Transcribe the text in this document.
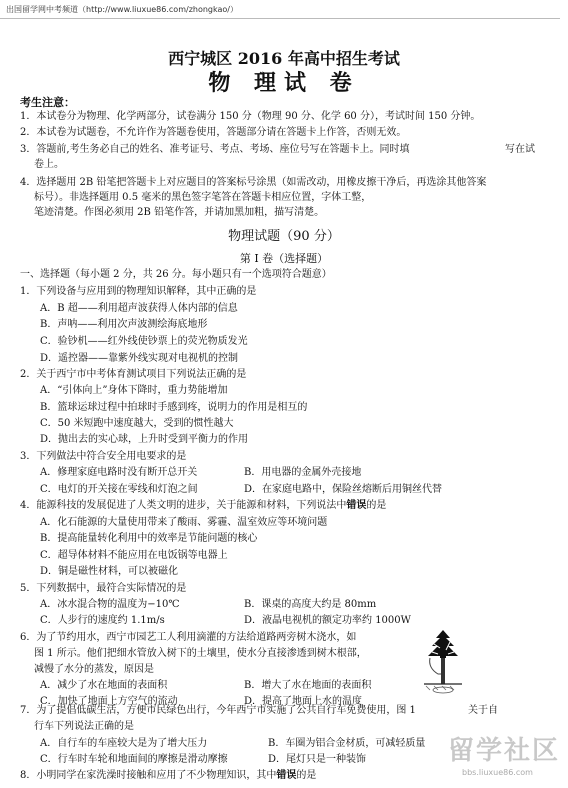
出国留学网中考频道（http://www.liuxue86.com/zhongkao/）
西宁城区 2016 年高中招生考试
物 理试 卷
考生注意：
1．本试卷分为物理、化学两部分，试卷满分 150 分（物理 90 分、化学 60 分），考试时间 150 分钟。
2．本试卷为试题卷，不允许作为答题卷使用，答题部分请在答题卡上作答，否则无效。
3．答题前,考生务必自己的姓名、准考证号、考点、考场、座位号写在答题卡上。同时填	写在试
卷上。
4．选择题用 2B 铅笔把答题卡上对应题目的答案标号涂黑（如需改动，用橡皮擦干净后，再选涂其他答案
标号）。非选择题用 0.5 毫米的黑色签字笔答在答题卡相应位置，字体工整，
笔迹清楚。作图必须用 2B 铅笔作答，并请加黑加粗，描写清楚。
物理试题（90 分）
第 I 卷（选择题）
一、选择题（每小题 2 分，共 26 分。每小题只有一个选项符合题意）
1．下列设备与应用到的物理知识解释，其中正确的是
A．B 超——利用超声波获得人体内部的信息
B．声呐——利用次声波测绘海底地形
C．验钞机——红外线使钞票上的荧光物质发光
D．遥控器——靠紫外线实现对电视机的控制
2．关于西宁市中考体育测试项目下列说法正确的是
A．“引体向上”身体下降时，重力势能增加
B．篮球运球过程中拍球时手感到疼，说明力的作用是相互的
C．50 米短跑中速度越大，受到的惯性越大
D．抛出去的实心球，上升时受到平衡力的作用
3．下列做法中符合安全用电要求的是
A．修理家庭电路时没有断开总开关	B．用电器的金属外壳接地
C．电灯的开关接在零线和灯泡之间	D．在家庭电路中，保险丝熔断后用铜丝代替
4．能源科技的发展促进了人类文明的进步，关于能源和材料，下列说法中错误的是
A．化石能源的大量使用带来了酸雨、雾霾、温室效应等环境问题
B．提高能量转化利用中的效率是节能问题的核心
C．超导体材料不能应用在电饭锅等电器上
D．铜是磁性材料，可以被磁化
5．下列数据中，最符合实际情况的是
A．冰水混合物的温度为−10℃	B．课桌的高度大约是 80mm
C．人步行的速度约 1.1m/s	D．液晶电视机的额定功率约 1000W
6．为了节约用水，西宁市园艺工人利用滴灌的方法给道路两旁树木浇水，如
图 1 所示。他们把细水管放入树下的土壤里，使水分直接渗透到树木根部，
减慢了水分的蒸发，原因是
A．减少了水在地面的表面积	B．增大了水在地面的表面积
C．加快了地面上方空气的流动	D．提高了地面上水的温度
7．为了提倡低碳生活，方便市民绿色出行，今年西宁市实施了公共自行车免费使用，图 1	关于自
行车下列说法正确的是
A．自行车的车座较大是为了增大压力	B．车圈为铝合金材质，可减轻质量
C．行车时车轮和地面间的摩擦是滑动摩擦	D．尾灯只是一种装饰
8．小明同学在家洗澡时接触和应用了不少物理知识，其中错误的是
留学社区
bbs.liuxue86.com
